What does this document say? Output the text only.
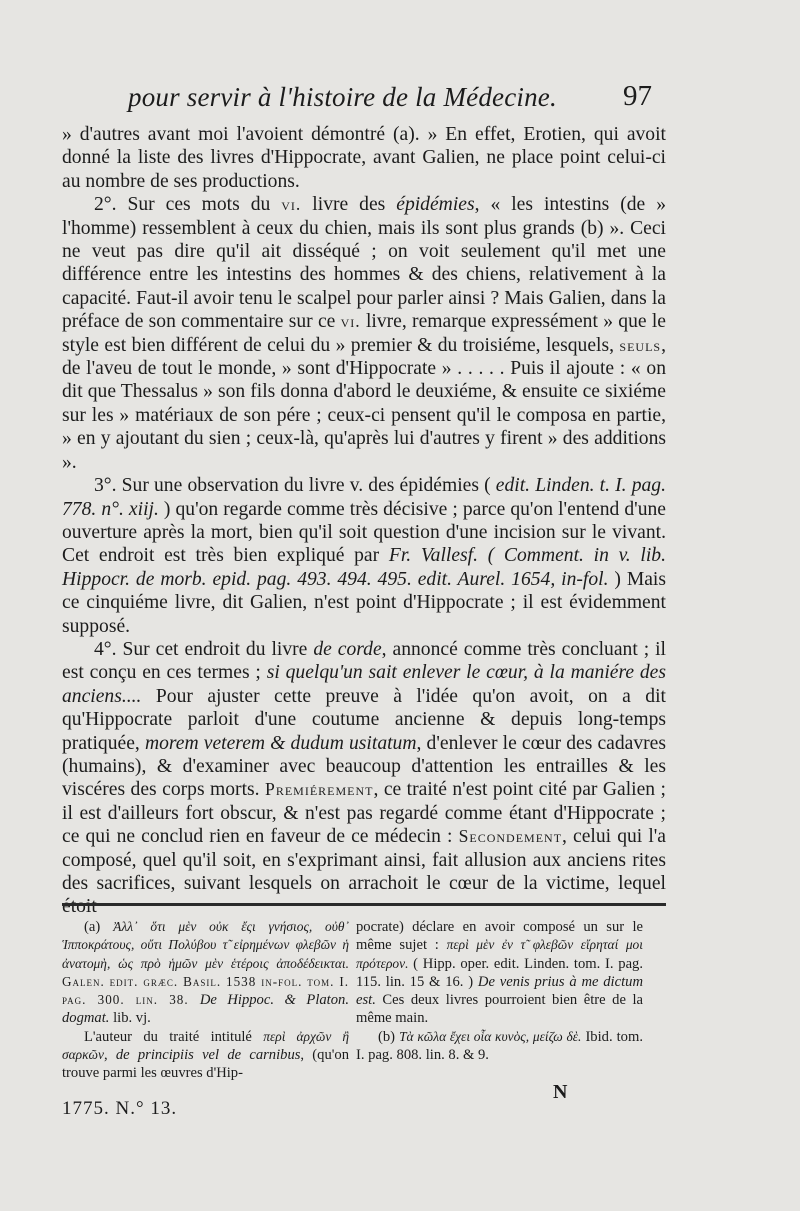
pour servir à l'histoire de la Médecine. 97

» d'autres avant moi l'avoient démontré (a). » En effet, Erotien, qui avoit donné la liste des livres d'Hippocrate, avant Galien, ne place point celui-ci au nombre de ses productions.

2°. Sur ces mots du vi. livre des épidémies, « les intestins (de » l'homme) ressemblent à ceux du chien, mais ils sont plus grands (b) ». Ceci ne veut pas dire qu'il ait disséqué ; on voit seulement qu'il met une différence entre les intestins des hommes & des chiens, relativement à la capacité. Faut-il avoir tenu le scalpel pour parler ainsi ? Mais Galien, dans la préface de son commentaire sur ce vi. livre, remarque expressément » que le style est bien différent de celui du » premier & du troisiéme, lesquels, seuls, de l'aveu de tout le monde, » sont d'Hippocrate » . . . . . Puis il ajoute : « on dit que Thessalus » son fils donna d'abord le deuxiéme, & ensuite ce sixiéme sur les » matériaux de son pére ; ceux-ci pensent qu'il le composa en partie, » en y ajoutant du sien ; ceux-là, qu'après lui d'autres y firent » des additions ».

3°. Sur une observation du livre v. des épidémies ( edit. Linden. t. I. pag. 778. n°. xiij. ) qu'on regarde comme très décisive ; parce qu'on l'entend d'une ouverture après la mort, bien qu'il soit question d'une incision sur le vivant. Cet endroit est très bien expliqué par Fr. Vallesf. ( Comment. in v. lib. Hippocr. de morb. epid. pag. 493. 494. 495. edit. Aurel. 1654, in-fol. ) Mais ce cinquiéme livre, dit Galien, n'est point d'Hippocrate ; il est évidemment supposé.

4°. Sur cet endroit du livre de corde, annoncé comme très concluant ; il est conçu en ces termes ; si quelqu'un sait enlever le cœur, à la maniére des anciens.... Pour ajuster cette preuve à l'idée qu'on avoit, on a dit qu'Hippocrate parloit d'une coutume ancienne & depuis long-temps pratiquée, morem veterem & dudum usitatum, d'enlever le cœur des cadavres (humains), & d'examiner avec beaucoup d'attention les entrailles & les viscéres des corps morts. Premiérement, ce traité n'est point cité par Galien ; il est d'ailleurs fort obscur, & n'est pas regardé comme étant d'Hippocrate ; ce qui ne conclud rien en faveur de ce médecin : Secondement, celui qui l'a composé, quel qu'il soit, en s'exprimant ainsi, fait allusion aux anciens rites des sacrifices, suivant lesquels on arrachoit le cœur de la victime, lequel étoit

(a) Ἀλλ᾽ ὅτι μὲν οὐκ ἔςι γνήσιος, οὐθ᾽ Ἱπποκράτους, οὔτι Πολύβου τ̃ εἰρημένων φλεβῶν ἡ ἀνατομὴ, ὡς πρὸ ἡμῶν μὲν ἑτέροις ἀποδέδεικται. Galen. edit. græc. Basil. 1538 in-fol. tom. I. pag. 300. lin. 38. De Hippoc. & Platon. dogmat. lib. vj.

L'auteur du traité intitulé περὶ ἀρχῶν ἢ σαρκῶν, de principiis vel de carnibus, (qu'on trouve parmi les œuvres d'Hip-

pocrate) déclare en avoir composé un sur le même sujet : περὶ μὲν ἐν τ̃ φλεβῶν εἴρηταί μοι πρότερον. ( Hipp. oper. edit. Linden. tom. I. pag. 115. lin. 15 & 16. ) De venis prius à me dictum est. Ces deux livres pourroient bien être de la même main.

(b) Τὰ κῶλα ἔχει οἷα κυνὸς, μείζω δὲ. Ibid. tom. I. pag. 808. lin. 8. & 9.

1775. N.° 13.
N
